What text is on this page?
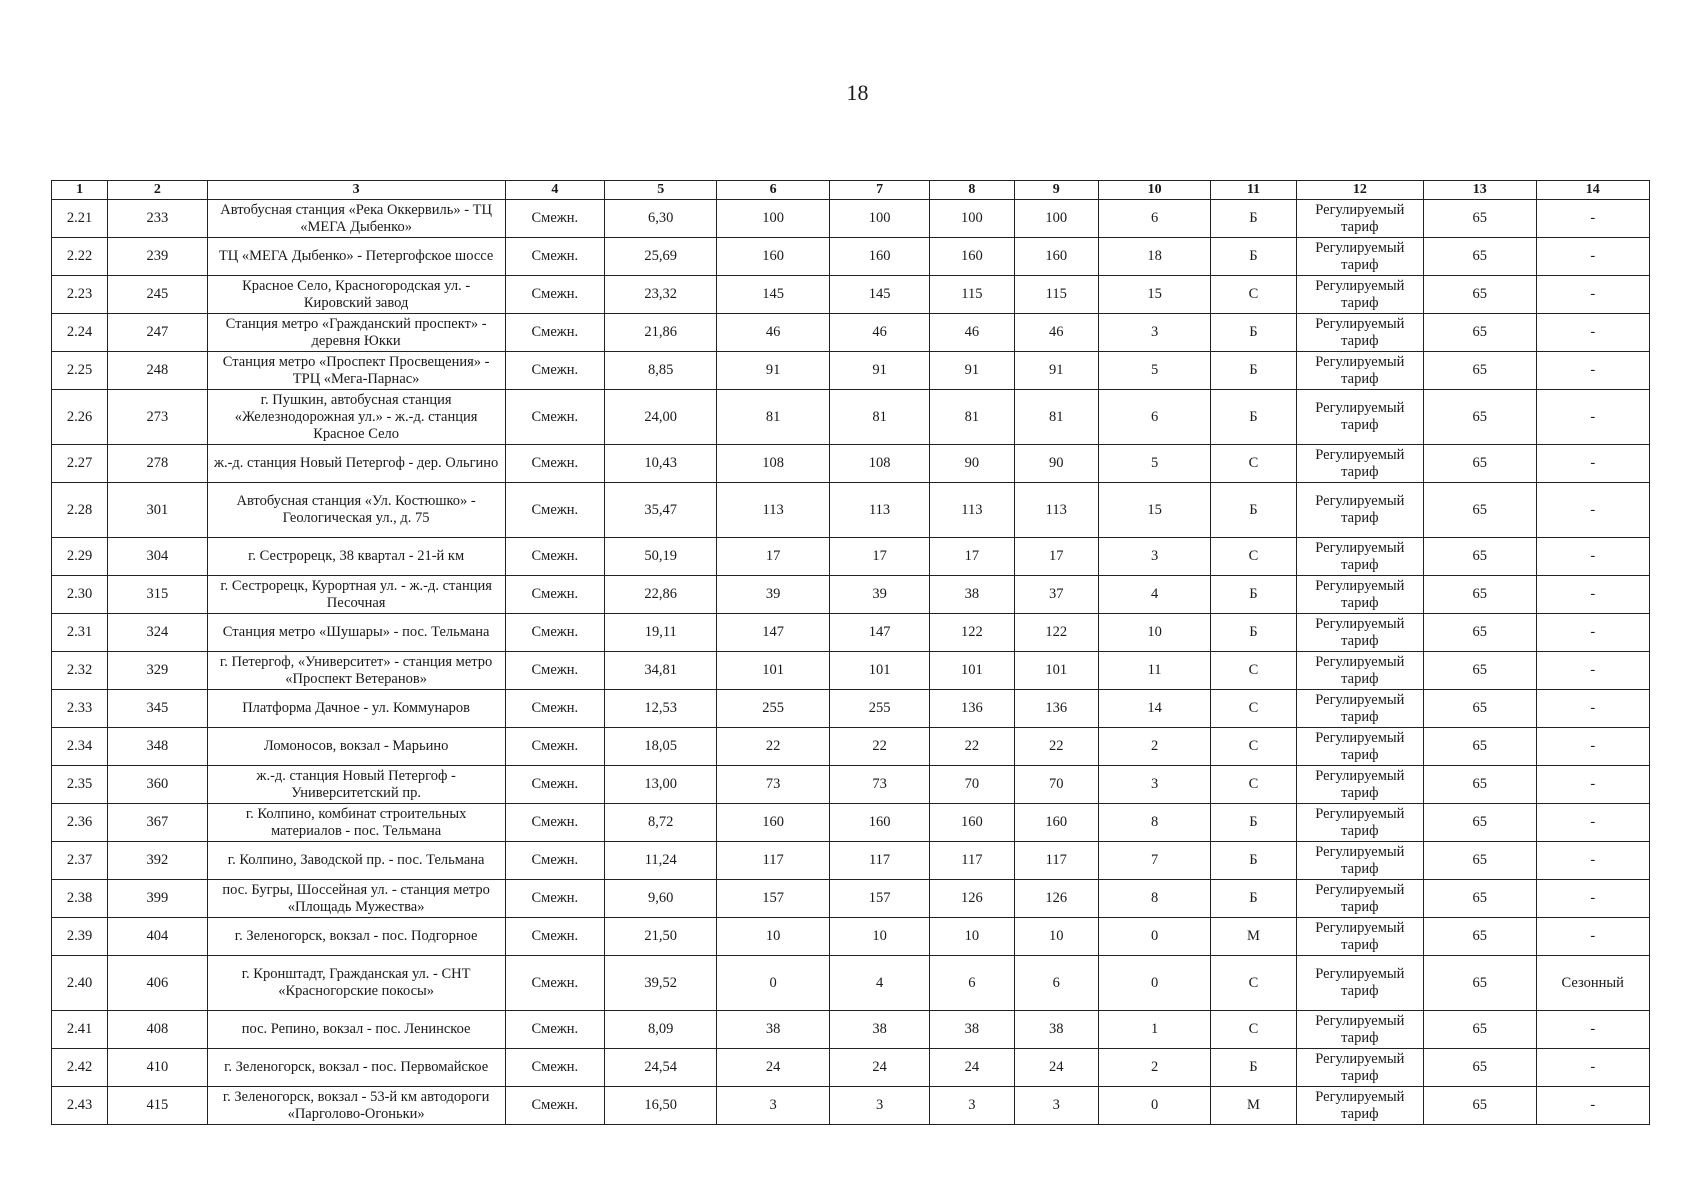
18
1	2	3	4	5	6	7	8	9	10	11	12	13	14
2.21	233	Автобусная станция «Река Оккервиль» - ТЦ «МЕГА Дыбенко»	Смежн.	6,30	100	100	100	100	6	Б	Регулируемый тариф	65	-
2.22	239	ТЦ «МЕГА Дыбенко» - Петергофское шоссе	Смежн.	25,69	160	160	160	160	18	Б	Регулируемый тариф	65	-
2.23	245	Красное Село, Красногородская ул. - Кировский завод	Смежн.	23,32	145	145	115	115	15	С	Регулируемый тариф	65	-
2.24	247	Станция метро «Гражданский проспект» - деревня Юкки	Смежн.	21,86	46	46	46	46	3	Б	Регулируемый тариф	65	-
2.25	248	Станция метро «Проспект Просвещения» - ТРЦ «Мега-Парнас»	Смежн.	8,85	91	91	91	91	5	Б	Регулируемый тариф	65	-
2.26	273	г. Пушкин, автобусная станция «Железнодорожная ул.» - ж.-д. станция Красное Село	Смежн.	24,00	81	81	81	81	6	Б	Регулируемый тариф	65	-
2.27	278	ж.-д. станция Новый Петергоф - дер. Ольгино	Смежн.	10,43	108	108	90	90	5	С	Регулируемый тариф	65	-
2.28	301	Автобусная станция «Ул. Костюшко» - Геологическая ул., д. 75	Смежн.	35,47	113	113	113	113	15	Б	Регулируемый тариф	65	-
2.29	304	г. Сестрорецк, 38 квартал - 21-й км	Смежн.	50,19	17	17	17	17	3	С	Регулируемый тариф	65	-
2.30	315	г. Сестрорецк, Курортная ул. - ж.-д. станция Песочная	Смежн.	22,86	39	39	38	37	4	Б	Регулируемый тариф	65	-
2.31	324	Станция метро «Шушары» - пос. Тельмана	Смежн.	19,11	147	147	122	122	10	Б	Регулируемый тариф	65	-
2.32	329	г. Петергоф, «Университет» - станция метро «Проспект Ветеранов»	Смежн.	34,81	101	101	101	101	11	С	Регулируемый тариф	65	-
2.33	345	Платформа Дачное - ул. Коммунаров	Смежн.	12,53	255	255	136	136	14	С	Регулируемый тариф	65	-
2.34	348	Ломоносов, вокзал - Марьино	Смежн.	18,05	22	22	22	22	2	С	Регулируемый тариф	65	-
2.35	360	ж.-д. станция Новый Петергоф - Университетский пр.	Смежн.	13,00	73	73	70	70	3	С	Регулируемый тариф	65	-
2.36	367	г. Колпино, комбинат строительных материалов - пос. Тельмана	Смежн.	8,72	160	160	160	160	8	Б	Регулируемый тариф	65	-
2.37	392	г. Колпино, Заводской пр. - пос. Тельмана	Смежн.	11,24	117	117	117	117	7	Б	Регулируемый тариф	65	-
2.38	399	пос. Бугры, Шоссейная ул. - станция метро «Площадь Мужества»	Смежн.	9,60	157	157	126	126	8	Б	Регулируемый тариф	65	-
2.39	404	г. Зеленогорск, вокзал - пос. Подгорное	Смежн.	21,50	10	10	10	10	0	М	Регулируемый тариф	65	-
2.40	406	г. Кронштадт, Гражданская ул. - СНТ «Красногорские покосы»	Смежн.	39,52	0	4	6	6	0	С	Регулируемый тариф	65	Сезонный
2.41	408	пос. Репино, вокзал - пос. Ленинское	Смежн.	8,09	38	38	38	38	1	С	Регулируемый тариф	65	-
2.42	410	г. Зеленогорск, вокзал - пос. Первомайское	Смежн.	24,54	24	24	24	24	2	Б	Регулируемый тариф	65	-
2.43	415	г. Зеленогорск, вокзал - 53-й км автодороги «Парголово-Огоньки»	Смежн.	16,50	3	3	3	3	0	М	Регулируемый тариф	65	-
